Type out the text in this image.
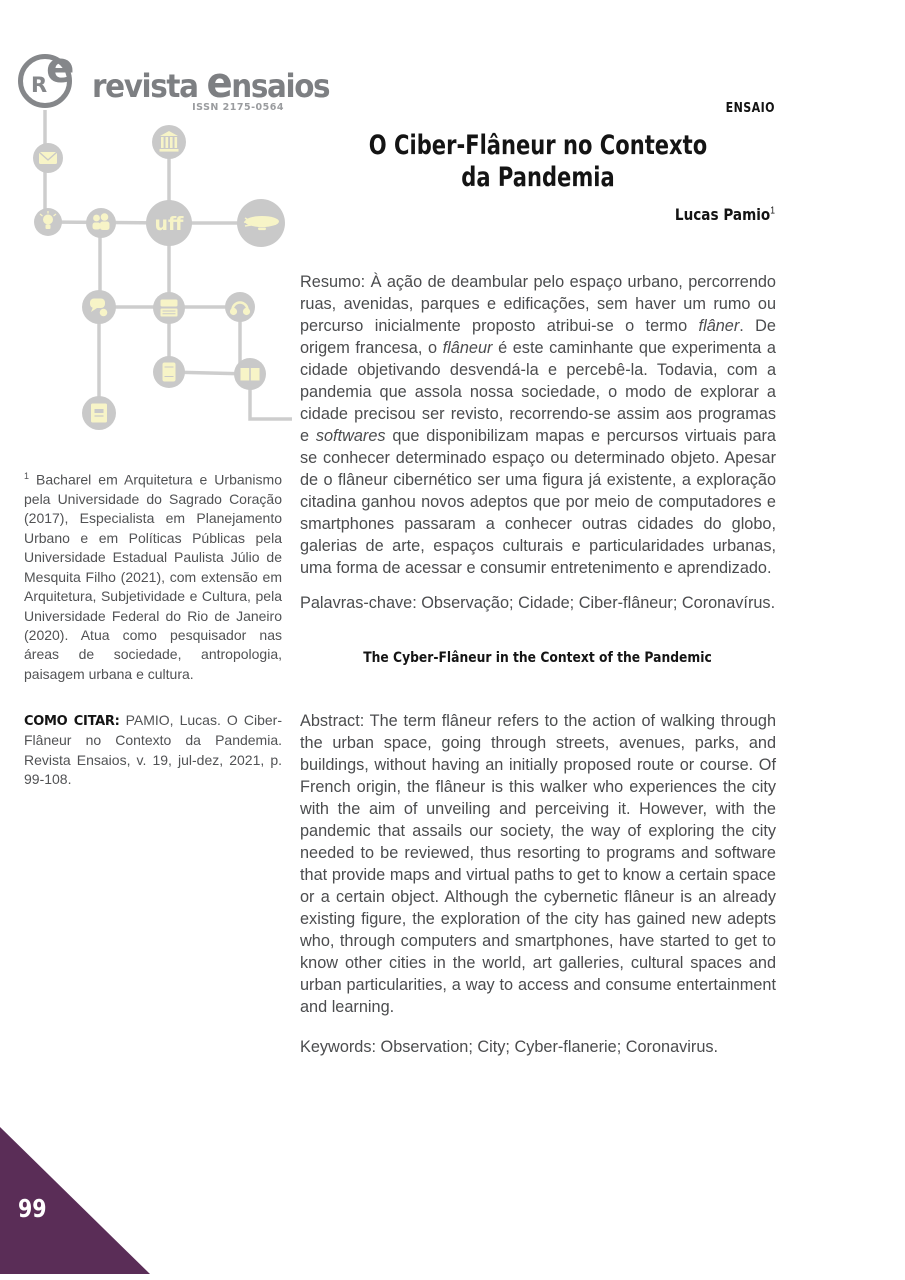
uff
R
e revista ensaios
ISSN 2175-0564

$^1$ Bacharel em Arquitetura e Urbanismo pela Universidade do Sagrado Coração (2017), Especialista em Planejamento Urbano e em Políticas Públicas pela Universidade Estadual Paulista Júlio de Mesquita Filho (2021), com extensão em Arquitetura, Subjetividade e Cultura, pela Universidade Federal do Rio de Janeiro (2020). Atua como pesquisador nas áreas de sociedade, antropologia, paisagem urbana e cultura.

COMO CITAR: PAMIO, Lucas. O Ciber-Flâneur no Contexto da Pandemia. Revista Ensaios, v. 19, jul-dez, 2021, p. 99-108.

ENSAIO
O Ciber-Flâneur no Contexto da Pandemia
Lucas Pamio$^1$

Resumo: À ação de deambular pelo espaço urbano, percorrendo ruas, avenidas, parques e edificações, sem haver um rumo ou percurso inicialmente proposto atribui-se o termo flâner. De origem francesa, o flâneur é este caminhante que experimenta a cidade objetivando desvendá-la e percebê-la. Todavia, com a pandemia que assola nossa sociedade, o modo de explorar a cidade precisou ser revisto, recorrendo-se assim aos programas e softwares que disponibilizam mapas e percursos virtuais para se conhecer determinado espaço ou determinado objeto. Apesar de o flâneur cibernético ser uma figura já existente, a exploração citadina ganhou novos adeptos que por meio de computadores e smartphones passaram a conhecer outras cidades do globo, galerias de arte, espaços culturais e particularidades urbanas, uma forma de acessar e consumir entretenimento e aprendizado.

Palavras-chave: Observação; Cidade; Ciber-flâneur; Coronavírus.

The Cyber-Flâneur in the Context of the Pandemic

Abstract: The term flâneur refers to the action of walking through the urban space, going through streets, avenues, parks, and buildings, without having an initially proposed route or course. Of French origin, the flâneur is this walker who experiences the city with the aim of unveiling and perceiving it. However, with the pandemic that assails our society, the way of exploring the city needed to be reviewed, thus resorting to programs and software that provide maps and virtual paths to get to know a certain space or a certain object. Although the cybernetic flâneur is an already existing figure, the exploration of the city has gained new adepts who, through computers and smartphones, have started to get to know other cities in the world, art galleries, cultural spaces and urban particularities, a way to access and consume entertainment and learning.

Keywords: Observation; City; Cyber-flanerie; Coronavirus.

99
